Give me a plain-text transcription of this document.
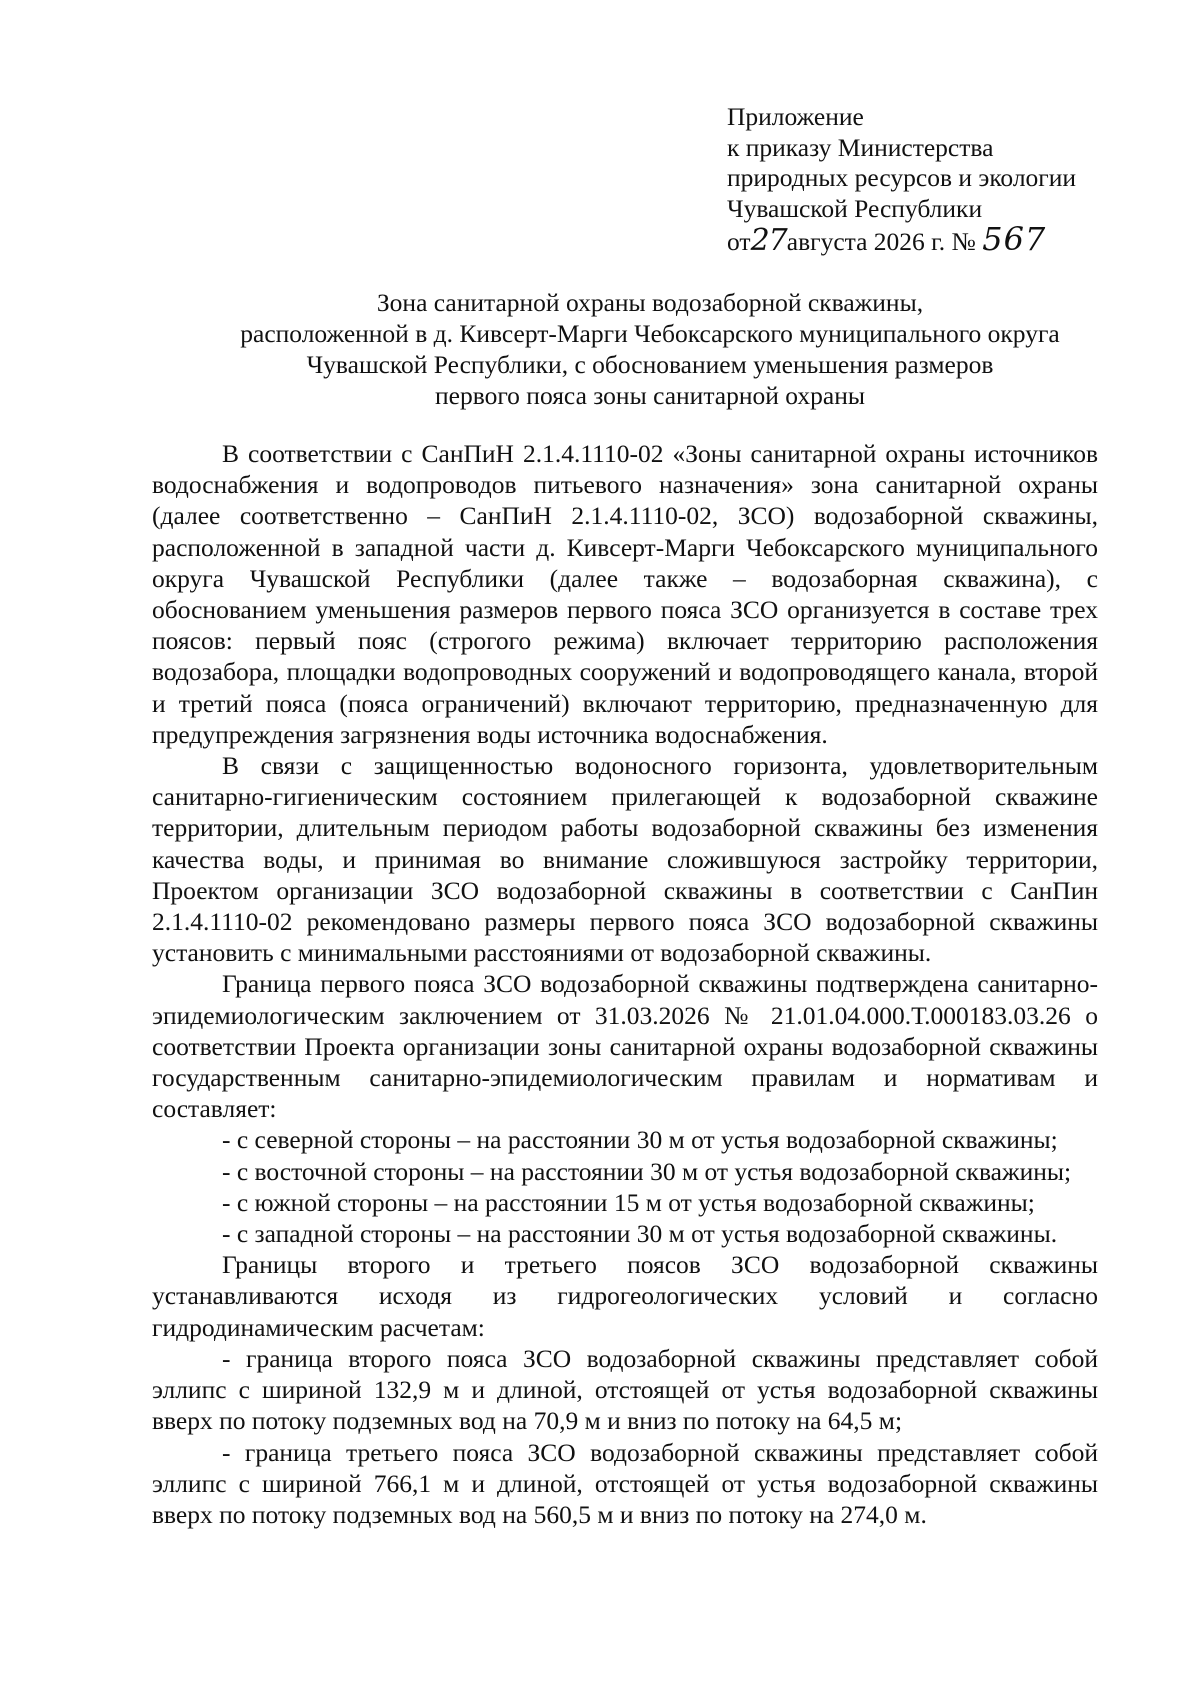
Приложение
к приказу Министерства
природных ресурсов и экологии
Чувашской Республики
от27августа 2026 г. № 567
Зона санитарной охраны водозаборной скважины,
расположенной в д. Кивсерт-Марги Чебоксарского муниципального округа
Чувашской Республики, с обоснованием уменьшения размеров
первого пояса зоны санитарной охраны

В соответствии с СанПиН 2.1.4.1110-02 «Зоны санитарной охраны источников водоснабжения и водопроводов питьевого назначения» зона санитарной охраны (далее соответственно – СанПиН 2.1.4.1110-02, ЗСО) водозаборной скважины, расположенной в западной части д. Кивсерт-Марги Чебоксарского муниципального округа Чувашской Республики (далее также – водозаборная скважина), с обоснованием уменьшения размеров первого пояса ЗСО организуется в составе трех поясов: первый пояс (строгого режима) включает территорию расположения водозабора, площадки водопроводных сооружений и водопроводящего канала, второй и третий пояса (пояса ограничений) включают территорию, предназначенную для предупреждения загрязнения воды источника водоснабжения.

В связи с защищенностью водоносного горизонта, удовлетворительным санитарно-гигиеническим состоянием прилегающей к водозаборной скважине территории, длительным периодом работы водозаборной скважины без изменения качества воды, и принимая во внимание сложившуюся застройку территории, Проектом организации ЗСО водозаборной скважины в соответствии с СанПин 2.1.4.1110-02 рекомендовано размеры первого пояса ЗСО водозаборной скважины установить с минимальными расстояниями от водозаборной скважины.

Граница первого пояса ЗСО водозаборной скважины подтверждена санитарно-эпидемиологическим заключением от 31.03.2026 № 21.01.04.000.Т.000183.03.26 о соответствии Проекта организации зоны санитарной охраны водозаборной скважины государственным санитарно-эпидемиологическим правилам и нормативам и составляет:

- с северной стороны – на расстоянии 30 м от устья водозаборной скважины;

- с восточной стороны – на расстоянии 30 м от устья водозаборной скважины;

- с южной стороны – на расстоянии 15 м от устья водозаборной скважины;

- с западной стороны – на расстоянии 30 м от устья водозаборной скважины.

Границы второго и третьего поясов ЗСО водозаборной скважины устанавливаются исходя из гидрогеологических условий и согласно гидродинамическим расчетам:

- граница второго пояса ЗСО водозаборной скважины представляет собой эллипс с шириной 132,9 м и длиной, отстоящей от устья водозаборной скважины вверх по потоку подземных вод на 70,9 м и вниз по потоку на 64,5 м;

- граница третьего пояса ЗСО водозаборной скважины представляет собой эллипс с шириной 766,1 м и длиной, отстоящей от устья водозаборной скважины вверх по потоку подземных вод на 560,5 м и вниз по потоку на 274,0 м.
